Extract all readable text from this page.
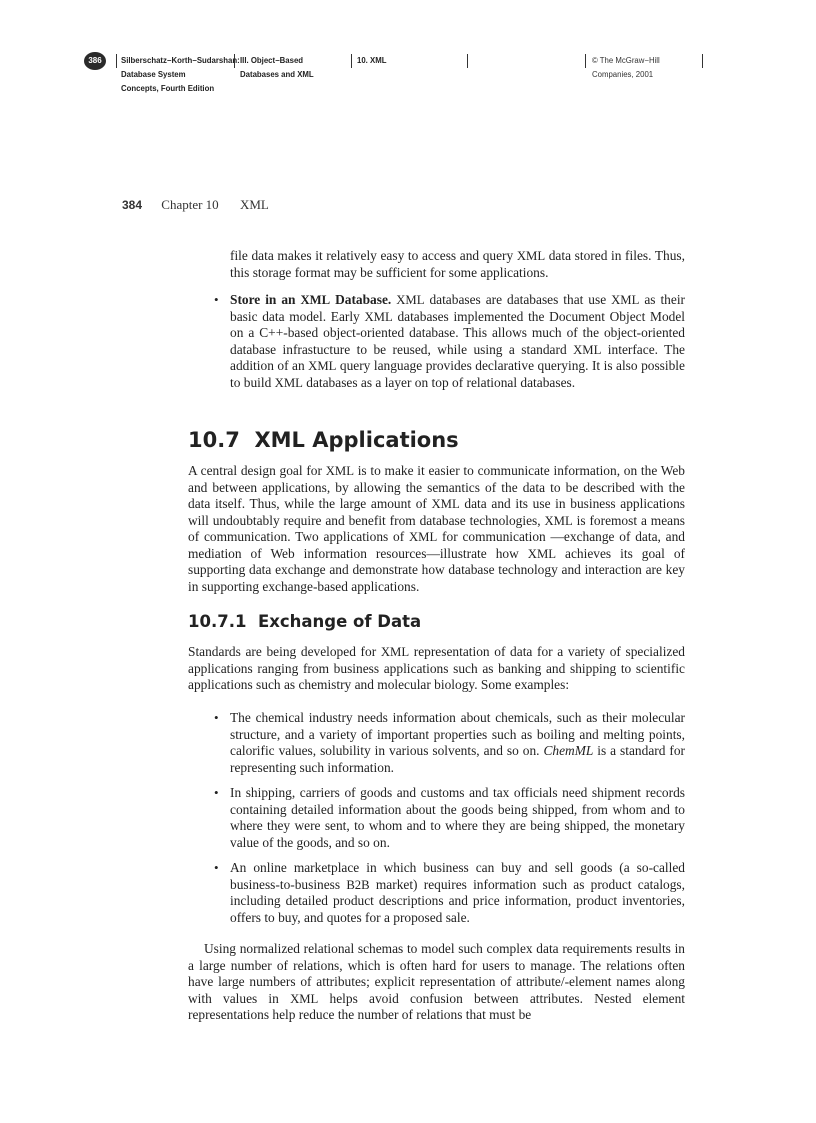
386	Silberschatz−Korth−Sudarshan:
Database System
Concepts, Fourth Edition
III. Object−Based
Databases and XML
10. XML	© The McGraw−Hill
Companies, 2001
384 Chapter 10 XML

file data makes it relatively easy to access and query XML data stored in files. Thus, this storage format may be sufficient for some applications.

• Store in an XML Database. XML databases are databases that use XML as their basic data model. Early XML databases implemented the Document Object Model on a C++-based object-oriented database. This allows much of the object-oriented database infrastucture to be reused, while using a standard XML interface. The addition of an XML query language provides declarative querying. It is also possible to build XML databases as a layer on top of relational databases.

10.7 XML Applications

A central design goal for XML is to make it easier to communicate information, on the Web and between applications, by allowing the semantics of the data to be described with the data itself. Thus, while the large amount of XML data and its use in business applications will undoubtably require and benefit from database technologies, XML is foremost a means of communication. Two applications of XML for communication —exchange of data, and mediation of Web information resources—illustrate how XML achieves its goal of supporting data exchange and demonstrate how database technology and interaction are key in supporting exchange-based applications.

10.7.1 Exchange of Data

Standards are being developed for XML representation of data for a variety of specialized applications ranging from business applications such as banking and shipping to scientific applications such as chemistry and molecular biology. Some examples:

• The chemical industry needs information about chemicals, such as their molecular structure, and a variety of important properties such as boiling and melting points, calorific values, solubility in various solvents, and so on. ChemML is a standard for representing such information.

• In shipping, carriers of goods and customs and tax officials need shipment records containing detailed information about the goods being shipped, from whom and to where they were sent, to whom and to where they are being shipped, the monetary value of the goods, and so on.

• An online marketplace in which business can buy and sell goods (a so-called business-to-business B2B market) requires information such as product catalogs, including detailed product descriptions and price information, product inventories, offers to buy, and quotes for a proposed sale.

Using normalized relational schemas to model such complex data requirements results in a large number of relations, which is often hard for users to manage. The relations often have large numbers of attributes; explicit representation of attribute/-element names along with values in XML helps avoid confusion between attributes. Nested element representations help reduce the number of relations that must be
